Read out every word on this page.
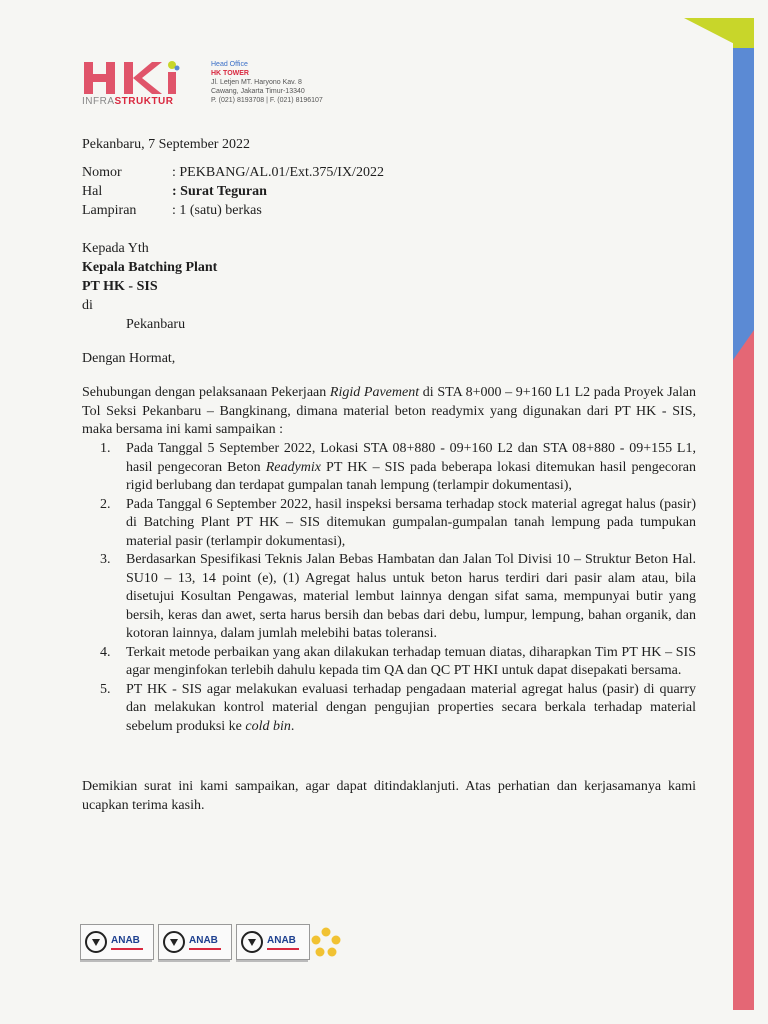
INFRASTRUKTUR
Head Office
HK TOWER
Jl. Letjen MT. Haryono Kav. 8
Cawang, Jakarta Timur-13340
P. (021) 8193708 | F. (021) 8196107
Pekanbaru, 7 September 2022
Nomor	: PEKBANG/AL.01/Ext.375/IX/2022
Hal	: Surat Teguran
Lampiran	: 1 (satu) berkas
Kepada Yth
Kepala Batching Plant
PT HK - SIS
di
Pekanbaru
Dengan Hormat,
Sehubungan dengan pelaksanaan Pekerjaan Rigid Pavement di STA 8+000 – 9+160 L1 L2 pada Proyek Jalan Tol Seksi Pekanbaru – Bangkinang, dimana material beton readymix yang digunakan dari PT HK - SIS, maka bersama ini kami sampaikan :
1. Pada Tanggal 5 September 2022, Lokasi STA 08+880 - 09+160 L2 dan STA 08+880 - 09+155 L1, hasil pengecoran Beton Readymix PT HK – SIS pada beberapa lokasi ditemukan hasil pengecoran rigid berlubang dan terdapat gumpalan tanah lempung (terlampir dokumentasi),
2. Pada Tanggal 6 September 2022, hasil inspeksi bersama terhadap stock material agregat halus (pasir) di Batching Plant PT HK – SIS ditemukan gumpalan-gumpalan tanah lempung pada tumpukan material pasir (terlampir dokumentasi),
3. Berdasarkan Spesifikasi Teknis Jalan Bebas Hambatan dan Jalan Tol Divisi 10 – Struktur Beton Hal. SU10 – 13, 14 point (e), (1) Agregat halus untuk beton harus terdiri dari pasir alam atau, bila disetujui Kosultan Pengawas, material lembut lainnya dengan sifat sama, mempunyai butir yang bersih, keras dan awet, serta harus bersih dan bebas dari debu, lumpur, lempung, bahan organik, dan kotoran lainnya, dalam jumlah melebihi batas toleransi.
4. Terkait metode perbaikan yang akan dilakukan terhadap temuan diatas, diharapkan Tim PT HK – SIS agar menginfokan terlebih dahulu kepada tim QA dan QC PT HKI untuk dapat disepakati bersama.
5. PT HK - SIS agar melakukan evaluasi terhadap pengadaan material agregat halus (pasir) di quarry dan melakukan kontrol material dengan pengujian properties secara berkala terhadap material sebelum produksi ke cold bin.
Demikian surat ini kami sampaikan, agar dapat ditindaklanjuti. Atas perhatian dan kerjasamanya kami ucapkan terima kasih.
ANAB	ANAB	ANAB
